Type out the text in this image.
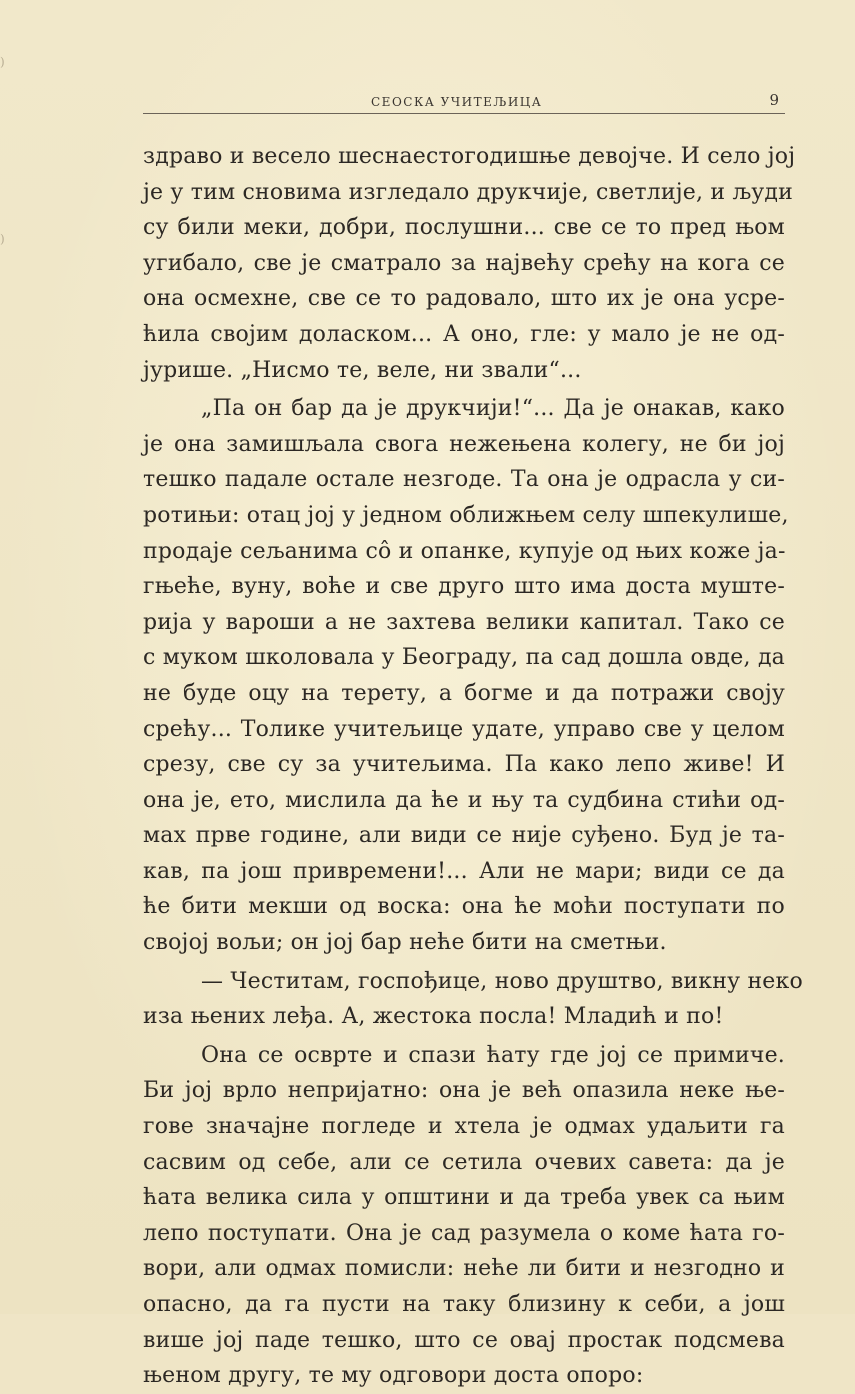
)
)
СЕОСКА УЧИТЕЉИЦА	9
здраво и весело шеснаестогодишње девојче. И село јој
је у тим сновима изгледало друкчије, светлије, и људи
су били меки, добри, послушни... све се то пред њом
угибало, све је сматрало за највећу срећу на кога се
она осмехне, све се то радовало, што их је она усре-
ћила својим доласком... А оно, гле: у мало је не од-
јурише. „Нисмо те, веле, ни звали“...
„Па он бар да је друкчији!“... Да је онакав, како
је она замишљала свога нежењена колегу, не би јој
тешко падале остале незгоде. Та она је одрасла у си-
ротињи: отац јој у једном оближњем селу шпекулише,
продаје сељанима сô и опанке, купује од њих коже ја-
гњеће, вуну, воће и све друго што има доста муште-
рија у вароши а не захтева велики капитал. Тако се
с муком школовала у Београду, па сад дошла овде, да
не буде оцу на терету, а богме и да потражи своју
срећу... Толике учитељице удате, управо све у целом
срезу, све су за учитељима. Па како лепо живе! И
она је, ето, мислила да ће и њу та судбина стићи од-
мах прве године, али види се није суђено. Буд је та-
кав, па још привремени!... Али не мари; види се да
ће бити мекши од воска: она ће моћи поступати по
својој вољи; он јој бар неће бити на сметњи.
— Честитам, госпођице, ново друштво, викну неко
иза њених леђа. А, жестока посла! Младић и по!
Она се осврте и спази ћату где јој се примиче.
Би јој врло непријатно: она је већ опазила неке ње-
гове значајне погледе и хтела је одмах удаљити га
сасвим од себе, али се сетила очевих савета: да је
ћата велика сила у општини и да треба увек са њим
лепо поступати. Она је сад разумела о коме ћата го-
вори, али одмах помисли: неће ли бити и незгодно и
опасно, да га пусти на таку близину к себи, а још
више јој паде тешко, што се овај простак подсмева
њеном другу, те му одговори доста опоро:
